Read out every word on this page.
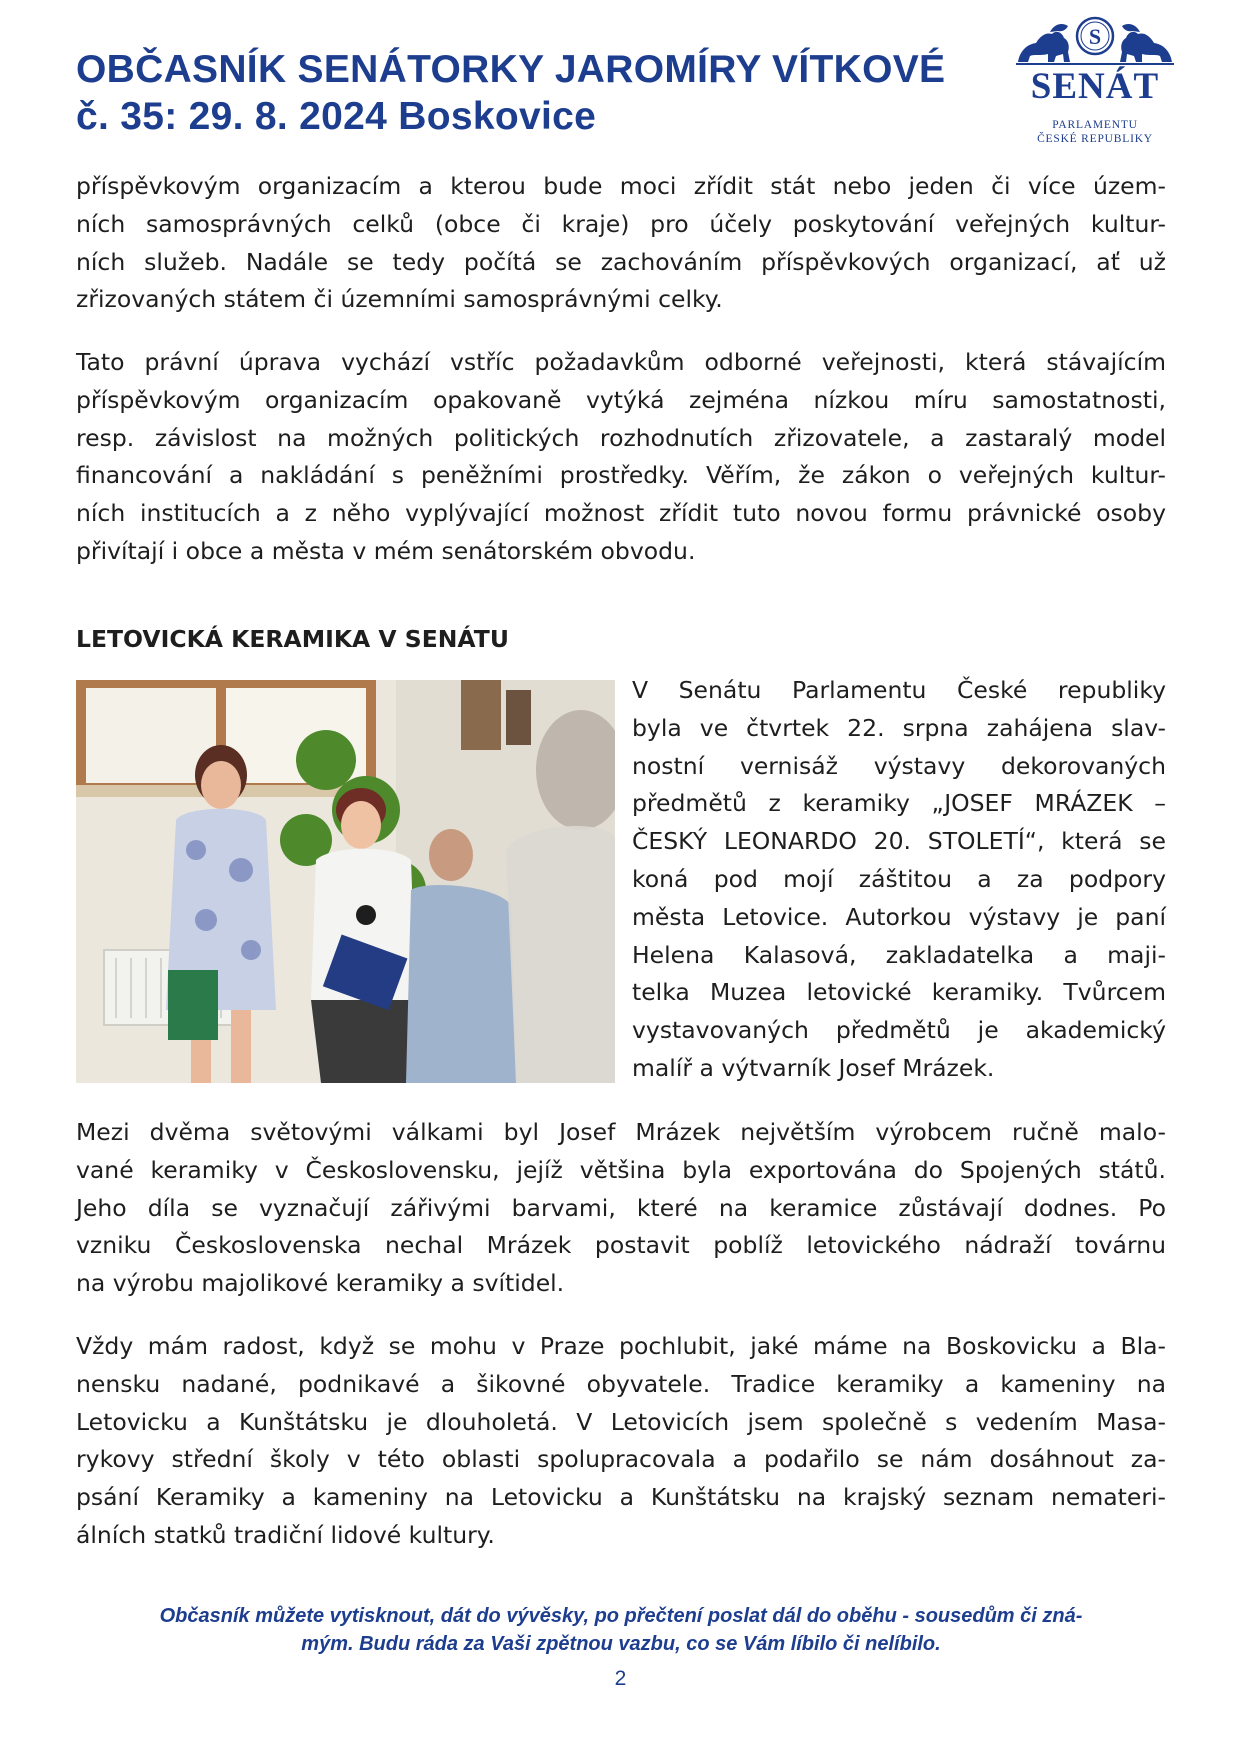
OBČASNÍK SENÁTORKY JAROMÍRY VÍTKOVÉ
č. 35: 29. 8. 2024 Boskovice
S
SENÁT
PARLAMENTU
ČESKÉ REPUBLIKY

příspěvkovým organizacím a kterou bude moci zřídit stát nebo jeden či více územ-
ních samosprávných celků (obce či kraje) pro účely poskytování veřejných kultur-
ních služeb. Nadále se tedy počítá se zachováním příspěvkových organizací, ať už
zřizovaných státem či územními samosprávnými celky.

Tato právní úprava vychází vstříc požadavkům odborné veřejnosti, která stávajícím
příspěvkovým organizacím opakovaně vytýká zejména nízkou míru samostatnosti,
resp. závislost na možných politických rozhodnutích zřizovatele, a zastaralý model
financování a nakládání s peněžními prostředky. Věřím, že zákon o veřejných kultur-
ních institucích a z něho vyplývající možnost zřídit tuto novou formu právnické osoby
přivítají i obce a města v mém senátorském obvodu.

LETOVICKÁ KERAMIKA V SENÁTU

V Senátu Parlamentu České republiky
byla ve čtvrtek 22. srpna zahájena slav-
nostní vernisáž výstavy dekorovaných
předmětů z keramiky „JOSEF MRÁZEK –
ČESKÝ LEONARDO 20. STOLETÍ“, která se
koná pod mojí záštitou a za podpory
města Letovice. Autorkou výstavy je paní
Helena Kalasová, zakladatelka a maji-
telka Muzea letovické keramiky. Tvůrcem
vystavovaných předmětů je akademický
malíř a výtvarník Josef Mrázek.

Mezi dvěma světovými válkami byl Josef Mrázek největším výrobcem ručně malo-
vané keramiky v Československu, jejíž většina byla exportována do Spojených států.
Jeho díla se vyznačují zářivými barvami, které na keramice zůstávají dodnes. Po
vzniku Československa nechal Mrázek postavit poblíž letovického nádraží továrnu
na výrobu majolikové keramiky a svítidel.

Vždy mám radost, když se mohu v Praze pochlubit, jaké máme na Boskovicku a Bla-
nensku nadané, podnikavé a šikovné obyvatele. Tradice keramiky a kameniny na
Letovicku a Kunštátsku je dlouholetá. V Letovicích jsem společně s vedením Masa-
rykovy střední školy v této oblasti spolupracovala a podařilo se nám dosáhnout za-
psání Keramiky a kameniny na Letovicku a Kunštátsku na krajský seznam nemateri-
álních statků tradiční lidové kultury.

Občasník můžete vytisknout, dát do vývěsky, po přečtení poslat dál do oběhu - sousedům či zná-
mým. Budu ráda za Vaši zpětnou vazbu, co se Vám líbilo či nelíbilo.

2
